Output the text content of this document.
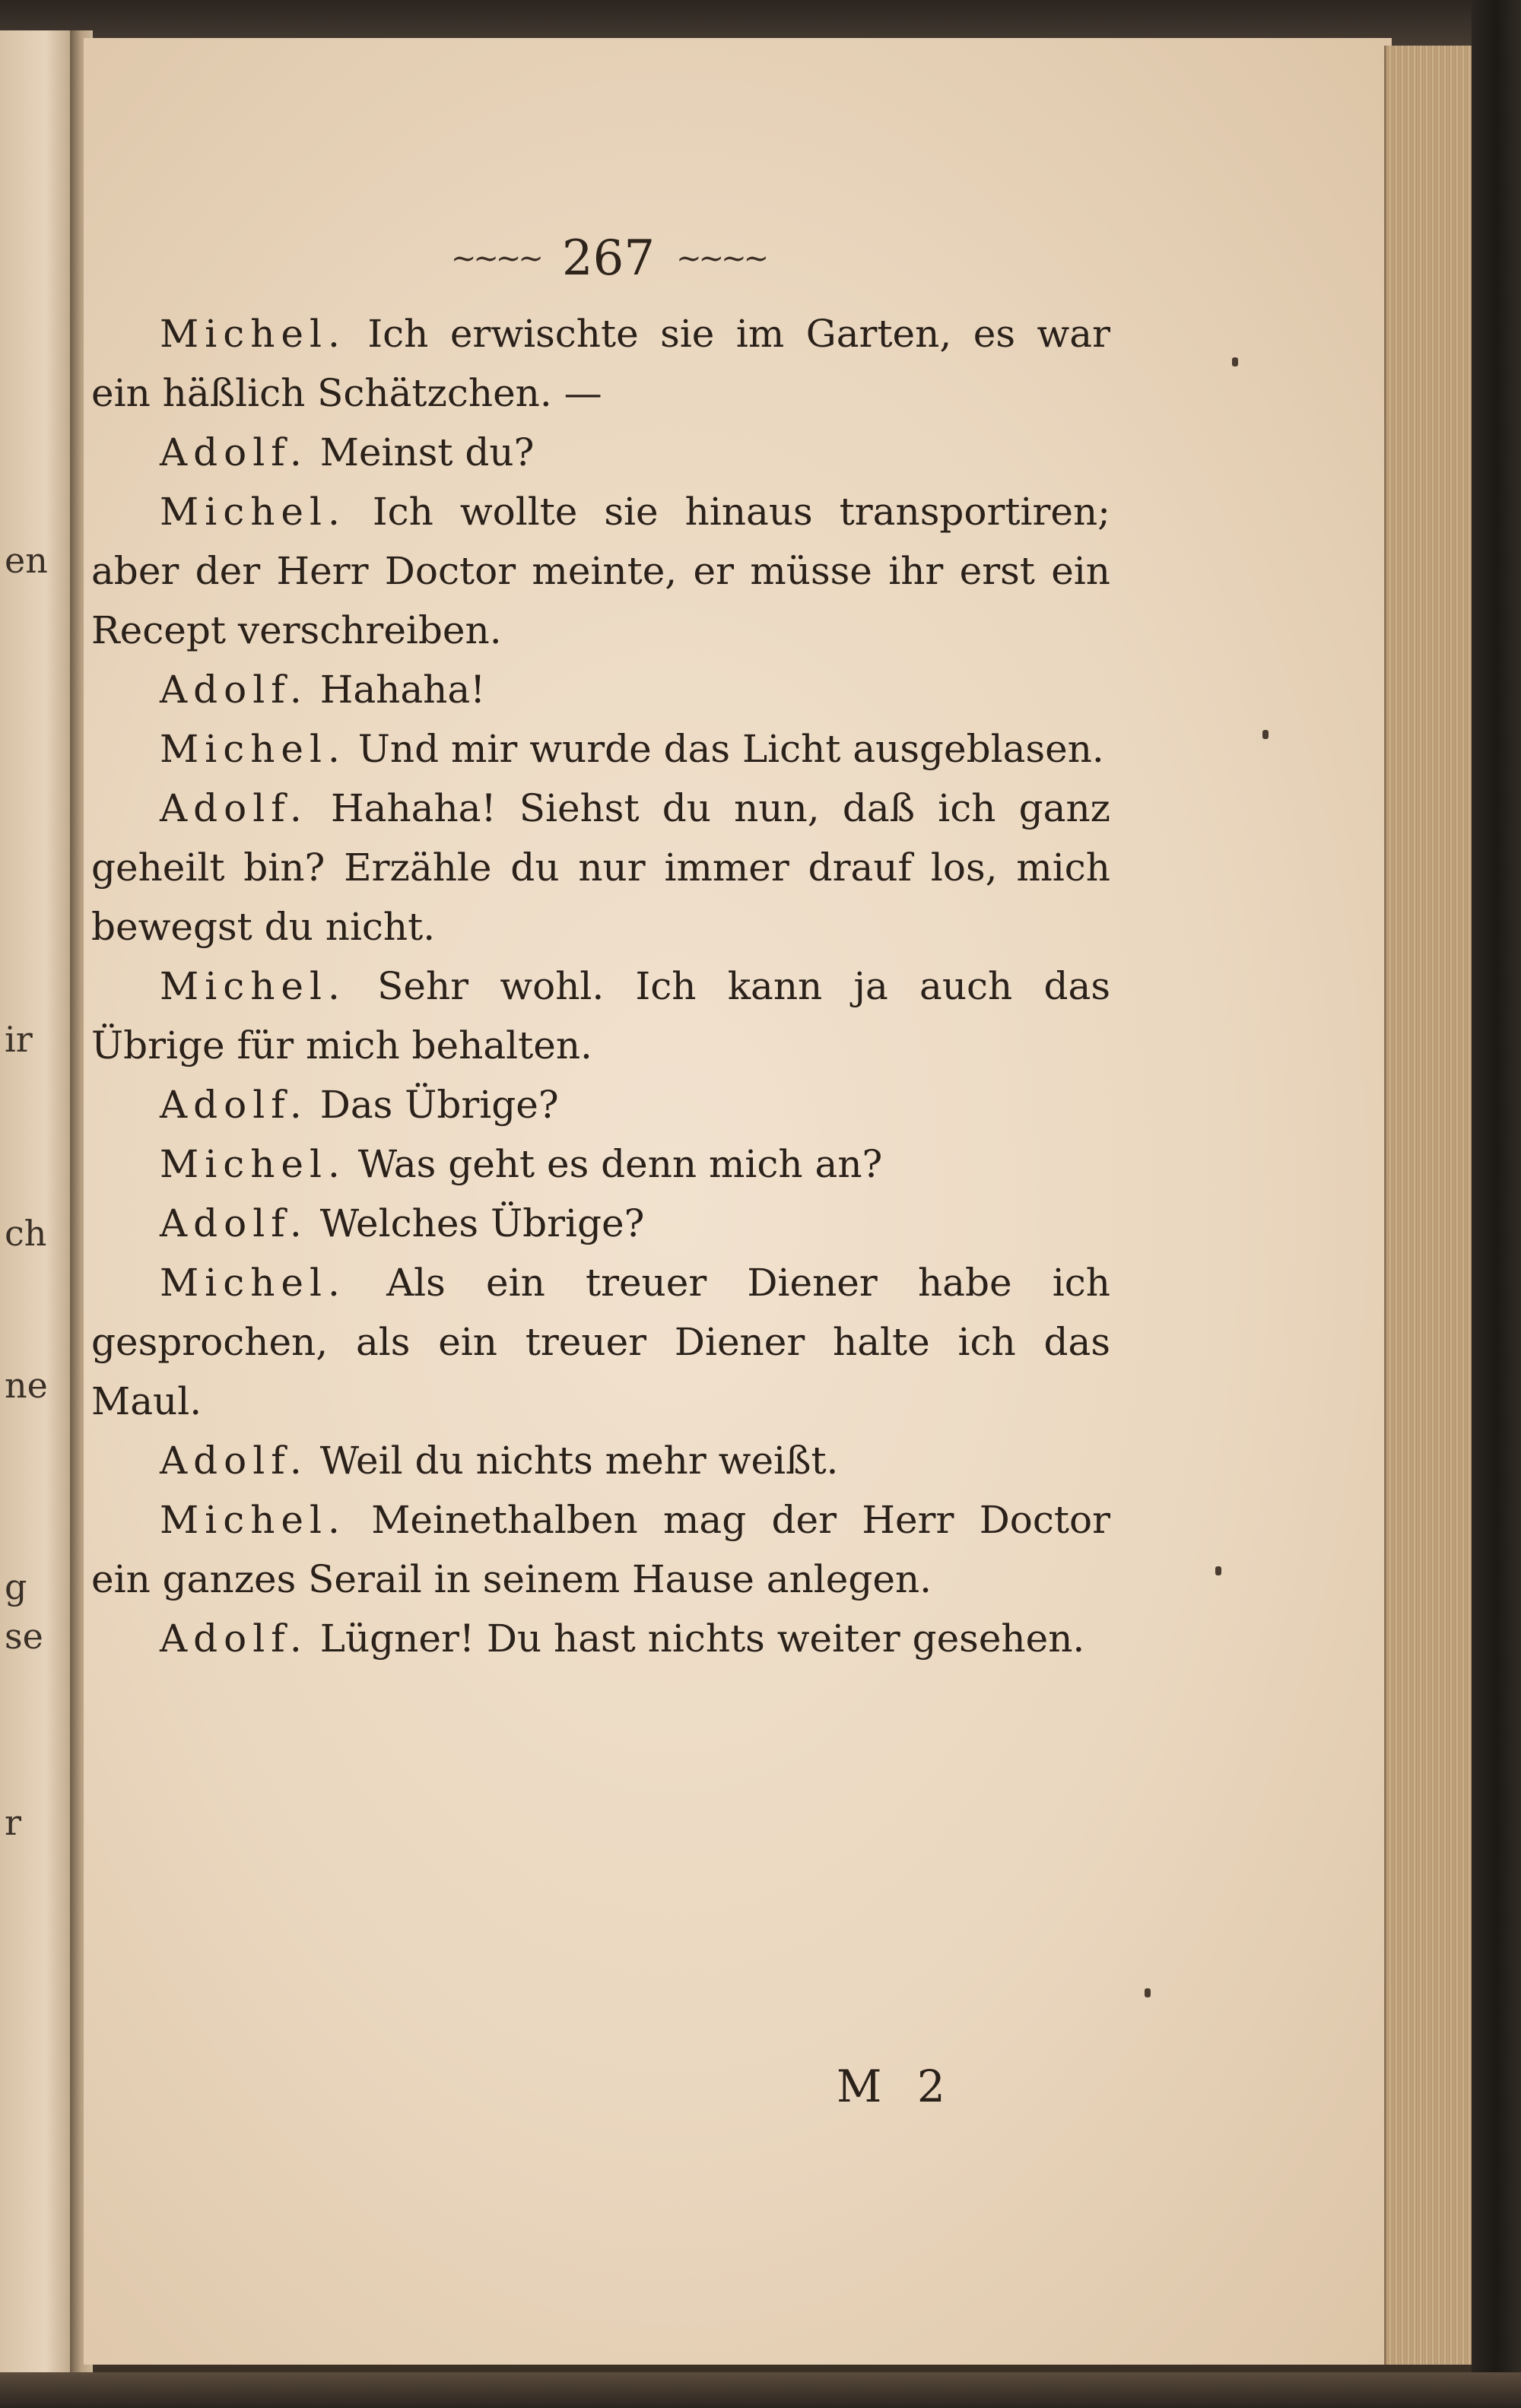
en
ir
ch
ne
g
se
r
~~~~ 267 ~~~~

Michel. Ich erwischte sie im Garten, es war ein häßlich Schätzchen. —

Adolf. Meinst du?

Michel. Ich wollte sie hinaus transportiren; aber der Herr Doctor meinte, er müsse ihr erst ein Recept verschreiben.

Adolf. Hahaha!

Michel. Und mir wurde das Licht ausgeblasen.

Adolf. Hahaha! Siehst du nun, daß ich ganz geheilt bin? Erzähle du nur immer drauf los, mich bewegst du nicht.

Michel. Sehr wohl. Ich kann ja auch das Übrige für mich behalten.

Adolf. Das Übrige?

Michel. Was geht es denn mich an?

Adolf. Welches Übrige?

Michel. Als ein treuer Diener habe ich gesprochen, als ein treuer Diener halte ich das Maul.

Adolf. Weil du nichts mehr weißt.

Michel. Meinethalben mag der Herr Doctor ein ganzes Serail in seinem Hause anlegen.

Adolf. Lügner! Du hast nichts weiter gesehen.

M 2
